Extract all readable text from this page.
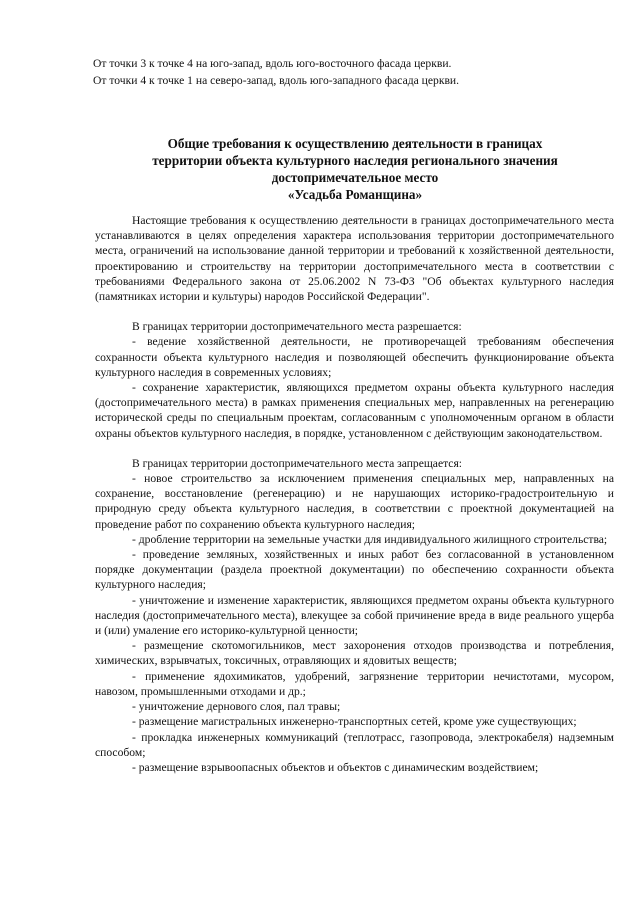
От точки 3 к точке 4 на юго-запад, вдоль юго-восточного фасада церкви.
От точки 4 к точке 1 на северо-запад, вдоль юго-западного фасада церкви.
Общие требования к осуществлению деятельности в границах
территории объекта культурного наследия регионального значения
достопримечательное место
«Усадьба Романщина»

Настоящие требования к осуществлению деятельности в границах достопримечательного места устанавливаются в целях определения характера использования территории достопримечательного места, ограничений на использование данной территории и требований к хозяйственной деятельности, проектированию и строительству на территории достопримечательного места в соответствии с требованиями Федерального закона от 25.06.2002 N 73-ФЗ "Об объектах культурного наследия (памятниках истории и культуры) народов Российской Федерации".

В границах территории достопримечательного места разрешается:

- ведение хозяйственной деятельности, не противоречащей требованиям обеспечения сохранности объекта культурного наследия и позволяющей обеспечить функционирование объекта культурного наследия в современных условиях;

- сохранение характеристик, являющихся предметом охраны объекта культурного наследия (достопримечательного места) в рамках применения специальных мер, направленных на регенерацию исторической среды по специальным проектам, согласованным с уполномоченным органом в области охраны объектов культурного наследия, в порядке, установленном с действующим законодательством.

В границах территории достопримечательного места запрещается:

- новое строительство за исключением применения специальных мер, направленных на сохранение, восстановление (регенерацию) и не нарушающих историко-градостроительную и природную среду объекта культурного наследия, в соответствии с проектной документацией на проведение работ по сохранению объекта культурного наследия;

- дробление территории на земельные участки для индивидуального жилищного строительства;

- проведение земляных, хозяйственных и иных работ без согласованной в установленном порядке документации (раздела проектной документации) по обеспечению сохранности объекта культурного наследия;

- уничтожение и изменение характеристик, являющихся предметом охраны объекта культурного наследия (достопримечательного места), влекущее за собой причинение вреда в виде реального ущерба и (или) умаление его историко-культурной ценности;

- размещение скотомогильников, мест захоронения отходов производства и потребления, химических, взрывчатых, токсичных, отравляющих и ядовитых веществ;

- применение ядохимикатов, удобрений, загрязнение территории нечистотами, мусором, навозом, промышленными отходами и др.;

- уничтожение дернового слоя, пал травы;

- размещение магистральных инженерно-транспортных сетей, кроме уже существующих;

- прокладка инженерных коммуникаций (теплотрасс, газопровода, электрокабеля) надземным способом;

- размещение взрывоопасных объектов и объектов с динамическим воздействием;
